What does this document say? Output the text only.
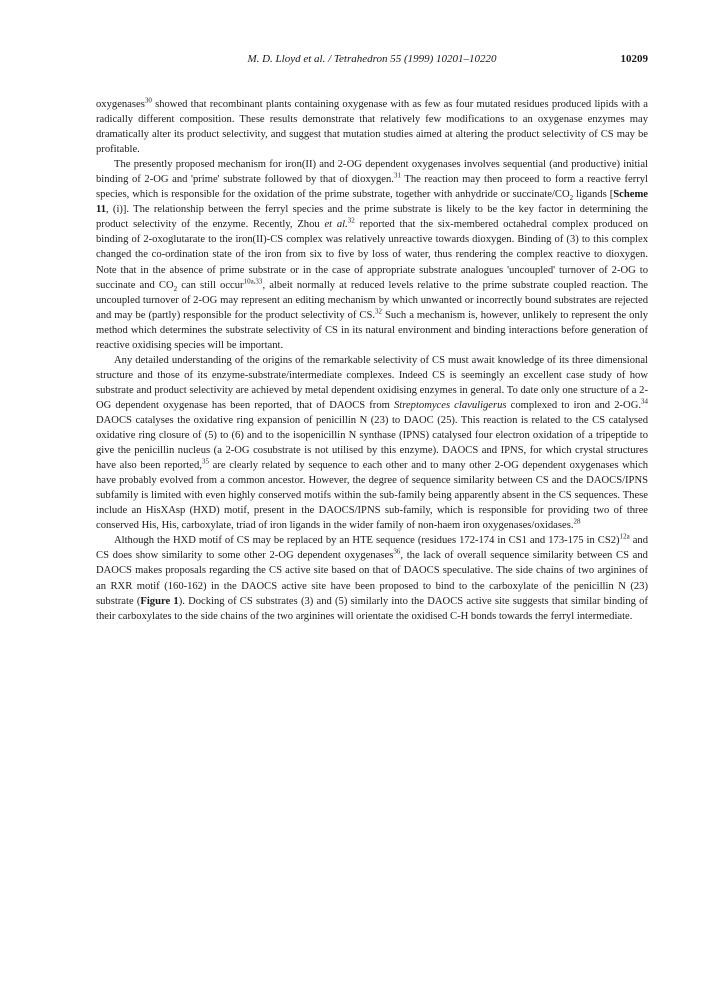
M. D. Lloyd et al. / Tetrahedron 55 (1999) 10201–10220	10209

oxygenases$^{30}$ showed that recombinant plants containing oxygenase with as few as four mutated residues produced lipids with a radically different composition. These results demonstrate that relatively few modifications to an oxygenase enzymes may dramatically alter its product selectivity, and suggest that mutation studies aimed at altering the product selectivity of CS may be profitable.

The presently proposed mechanism for iron(II) and 2-OG dependent oxygenases involves sequential (and productive) initial binding of 2-OG and 'prime' substrate followed by that of dioxygen.$^{31}$ The reaction may then proceed to form a reactive ferryl species, which is responsible for the oxidation of the prime substrate, together with anhydride or succinate/$CO_2$ ligands [Scheme 11, (i)]. The relationship between the ferryl species and the prime substrate is likely to be the key factor in determining the product selectivity of the enzyme. Recently, Zhou et al.$^{32}$ reported that the six-membered octahedral complex produced on binding of 2-oxoglutarate to the iron(II)-CS complex was relatively unreactive towards dioxygen. Binding of (3) to this complex changed the co-ordination state of the iron from six to five by loss of water, thus rendering the complex reactive to dioxygen. Note that in the absence of prime substrate or in the case of appropriate substrate analogues 'uncoupled' turnover of 2-OG to succinate and $CO_2$ can still occur$^{10a,33}$, albeit normally at reduced levels relative to the prime substrate coupled reaction. The uncoupled turnover of 2-OG may represent an editing mechanism by which unwanted or incorrectly bound substrates are rejected and may be (partly) responsible for the product selectivity of CS.$^{32}$ Such a mechanism is, however, unlikely to represent the only method which determines the substrate selectivity of CS in its natural environment and binding interactions before generation of reactive oxidising species will be important.

Any detailed understanding of the origins of the remarkable selectivity of CS must await knowledge of its three dimensional structure and those of its enzyme-substrate/intermediate complexes. Indeed CS is seemingly an excellent case study of how substrate and product selectivity are achieved by metal dependent oxidising enzymes in general. To date only one structure of a 2-OG dependent oxygenase has been reported, that of DAOCS from Streptomyces clavuligerus complexed to iron and 2-OG.$^{34}$ DAOCS catalyses the oxidative ring expansion of penicillin N (23) to DAOC (25). This reaction is related to the CS catalysed oxidative ring closure of (5) to (6) and to the isopenicillin N synthase (IPNS) catalysed four electron oxidation of a tripeptide to give the penicillin nucleus (a 2-OG cosubstrate is not utilised by this enzyme). DAOCS and IPNS, for which crystal structures have also been reported,$^{35}$ are clearly related by sequence to each other and to many other 2-OG dependent oxygenases which have probably evolved from a common ancestor. However, the degree of sequence similarity between CS and the DAOCS/IPNS subfamily is limited with even highly conserved motifs within the sub-family being apparently absent in the CS sequences. These include an HisXAsp (HXD) motif, present in the DAOCS/IPNS sub-family, which is responsible for providing two of three conserved His, His, carboxylate, triad of iron ligands in the wider family of non-haem iron oxygenases/oxidases.$^{28}$

Although the HXD motif of CS may be replaced by an HTE sequence (residues 172-174 in CS1 and 173-175 in CS2)$^{12a}$ and CS does show similarity to some other 2-OG dependent oxygenases$^{36}$, the lack of overall sequence similarity between CS and DAOCS makes proposals regarding the CS active site based on that of DAOCS speculative. The side chains of two arginines of an RXR motif (160-162) in the DAOCS active site have been proposed to bind to the carboxylate of the penicillin N (23) substrate (Figure 1). Docking of CS substrates (3) and (5) similarly into the DAOCS active site suggests that similar binding of their carboxylates to the side chains of the two arginines will orientate the oxidised C-H bonds towards the ferryl intermediate.
